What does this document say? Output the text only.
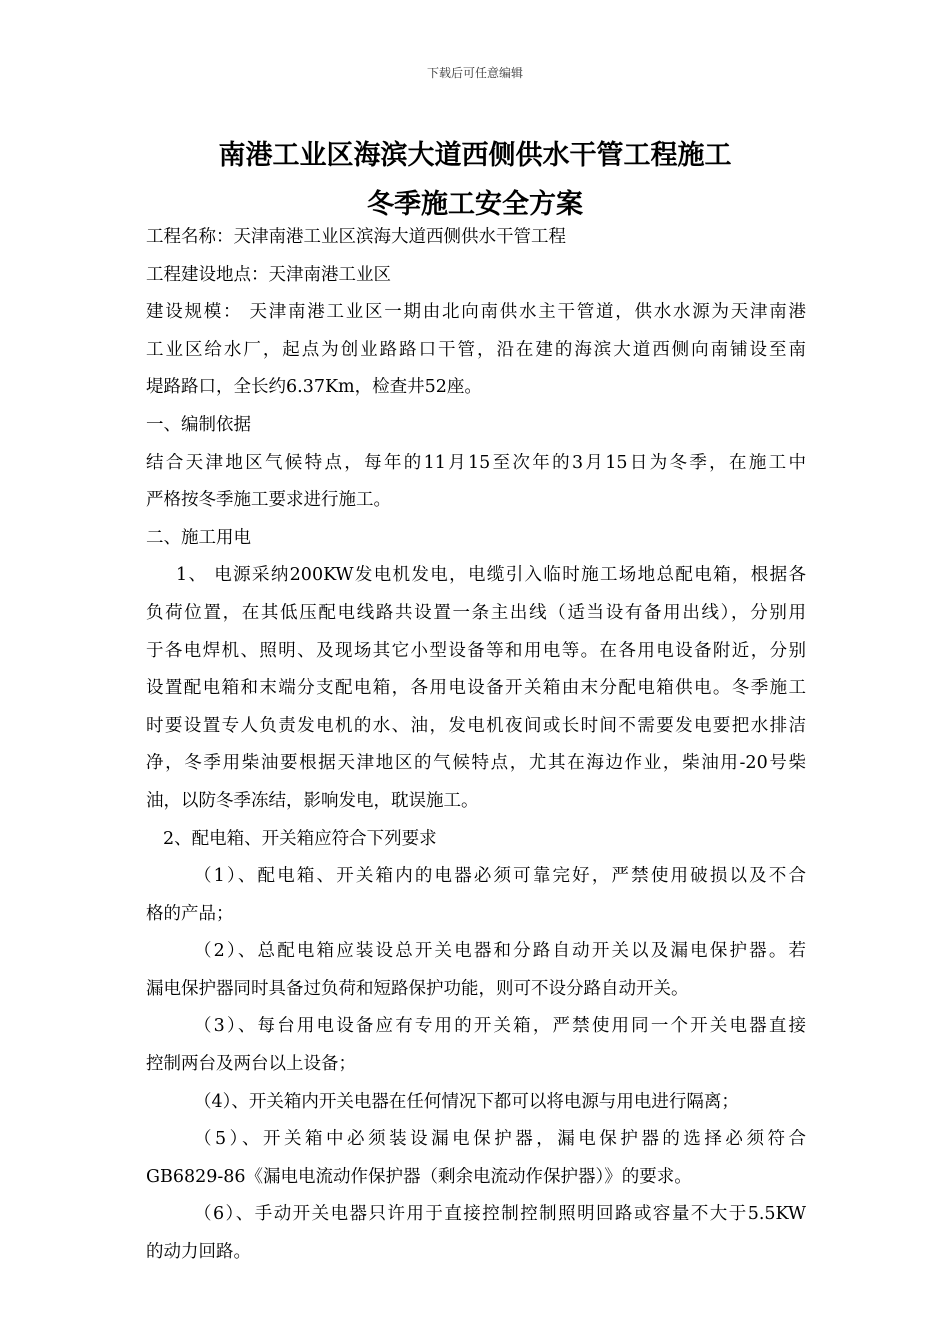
下载后可任意编辑
南港工业区海滨大道西侧供水干管工程施工
冬季施工安全方案
工程名称：天津南港工业区滨海大道西侧供水干管工程
工程建设地点：天津南港工业区
建设规模： 天津南港工业区一期由北向南供水主干管道，供水水源为天津南港
工业区给水厂，起点为创业路路口干管，沿在建的海滨大道西侧向南铺设至南
堤路路口，全长约6.37Km，检查井52座。
一、编制依据
结合天津地区气候特点，每年的11月15至次年的3月15日为冬季，在施工中
严格按冬季施工要求进行施工。
二、施工用电
1、 电源采纳200KW发电机发电，电缆引入临时施工场地总配电箱，根据各
负荷位置，在其低压配电线路共设置一条主出线（适当设有备用出线），分别用
于各电焊机、照明、及现场其它小型设备等和用电等。在各用电设备附近，分别
设置配电箱和末端分支配电箱，各用电设备开关箱由末分配电箱供电。冬季施工
时要设置专人负责发电机的水、油，发电机夜间或长时间不需要发电要把水排洁
净，冬季用柴油要根据天津地区的气候特点，尤其在海边作业，柴油用-20号柴
油，以防冬季冻结，影响发电，耽误施工。
2、配电箱、开关箱应符合下列要求
（1）、配电箱、开关箱内的电器必须可靠完好，严禁使用破损以及不合
格的产品；
（2）、总配电箱应装设总开关电器和分路自动开关以及漏电保护器。若
漏电保护器同时具备过负荷和短路保护功能，则可不设分路自动开关。
（3）、每台用电设备应有专用的开关箱，严禁使用同一个开关电器直接
控制两台及两台以上设备；
（4）、开关箱内开关电器在任何情况下都可以将电源与用电进行隔离；
（5）、开关箱中必须装设漏电保护器，漏电保护器的选择必须符合
GB6829-86《漏电电流动作保护器（剩余电流动作保护器）》的要求。
（6）、手动开关电器只许用于直接控制控制照明回路或容量不大于5.5KW
的动力回路。
